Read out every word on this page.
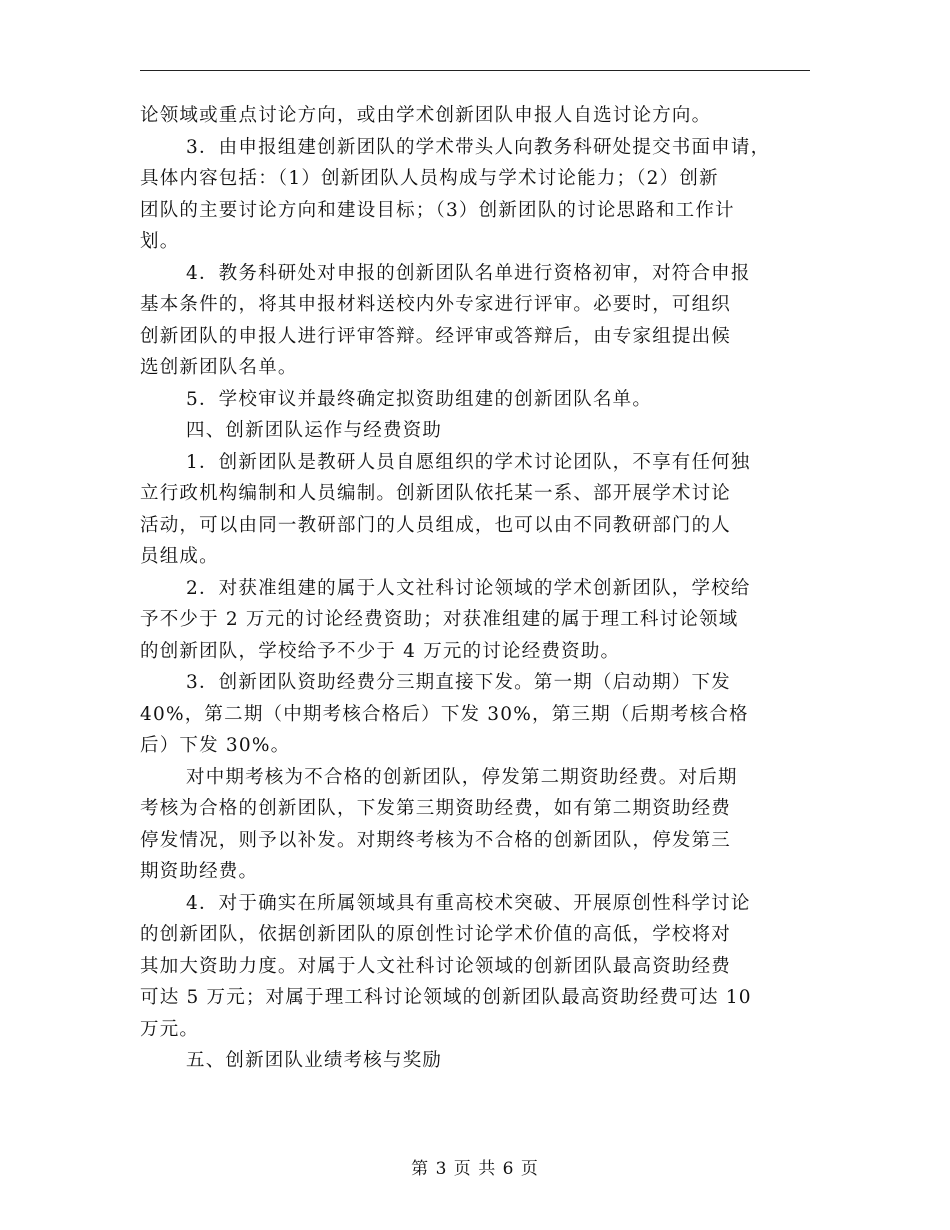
论领域或重点讨论方向，或由学术创新团队申报人自选讨论方向。

3．由申报组建创新团队的学术带头人向教务科研处提交书面申请，
具体内容包括：（1）创新团队人员构成与学术讨论能力；（2）创新
团队的主要讨论方向和建设目标；（3）创新团队的讨论思路和工作计
划。

4．教务科研处对申报的创新团队名单进行资格初审，对符合申报
基本条件的，将其申报材料送校内外专家进行评审。必要时，可组织
创新团队的申报人进行评审答辩。经评审或答辩后，由专家组提出候
选创新团队名单。

5．学校审议并最终确定拟资助组建的创新团队名单。

四、创新团队运作与经费资助

1．创新团队是教研人员自愿组织的学术讨论团队，不享有任何独
立行政机构编制和人员编制。创新团队依托某一系、部开展学术讨论
活动，可以由同一教研部门的人员组成，也可以由不同教研部门的人
员组成。

2．对获准组建的属于人文社科讨论领域的学术创新团队，学校给
予不少于 2 万元的讨论经费资助；对获准组建的属于理工科讨论领域
的创新团队，学校给予不少于 4 万元的讨论经费资助。

3．创新团队资助经费分三期直接下发。第一期（启动期）下发
40%，第二期（中期考核合格后）下发 30%，第三期（后期考核合格
后）下发 30%。

对中期考核为不合格的创新团队，停发第二期资助经费。对后期
考核为合格的创新团队，下发第三期资助经费，如有第二期资助经费
停发情况，则予以补发。对期终考核为不合格的创新团队，停发第三
期资助经费。

4．对于确实在所属领域具有重高校术突破、开展原创性科学讨论
的创新团队，依据创新团队的原创性讨论学术价值的高低，学校将对
其加大资助力度。对属于人文社科讨论领域的创新团队最高资助经费
可达 5 万元；对属于理工科讨论领域的创新团队最高资助经费可达 10
万元。

五、创新团队业绩考核与奖励

第 3 页 共 6 页
